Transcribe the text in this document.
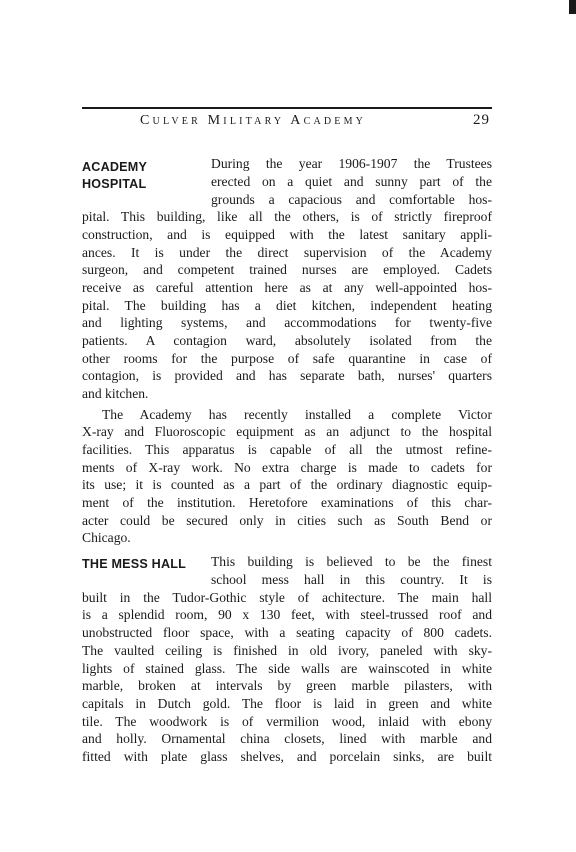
Culver Military Academy	29
ACADEMY
HOSPITAL
During the year 1906-1907 the Trustees
erected on a quiet and sunny part of the
grounds a capacious and comfortable hos-
pital. This building, like all the others, is of strictly fireproof
construction, and is equipped with the latest sanitary appli-
ances. It is under the direct supervision of the Academy
surgeon, and competent trained nurses are employed. Cadets
receive as careful attention here as at any well-appointed hos-
pital. The building has a diet kitchen, independent heating
and lighting systems, and accommodations for twenty-five
patients. A contagion ward, absolutely isolated from the
other rooms for the purpose of safe quarantine in case of
contagion, is provided and has separate bath, nurses' quarters
and kitchen.
The Academy has recently installed a complete Victor
X-ray and Fluoroscopic equipment as an adjunct to the hospital
facilities. This apparatus is capable of all the utmost refine-
ments of X-ray work. No extra charge is made to cadets for
its use; it is counted as a part of the ordinary diagnostic equip-
ment of the institution. Heretofore examinations of this char-
acter could be secured only in cities such as South Bend or
Chicago.
THE MESS HALL	This building is believed to be the finest
school mess hall in this country. It is
built in the Tudor-Gothic style of achitecture. The main hall
is a splendid room, 90 x 130 feet, with steel-trussed roof and
unobstructed floor space, with a seating capacity of 800 cadets.
The vaulted ceiling is finished in old ivory, paneled with sky-
lights of stained glass. The side walls are wainscoted in white
marble, broken at intervals by green marble pilasters, with
capitals in Dutch gold. The floor is laid in green and white
tile. The woodwork is of vermilion wood, inlaid with ebony
and holly. Ornamental china closets, lined with marble and
fitted with plate glass shelves, and porcelain sinks, are built
